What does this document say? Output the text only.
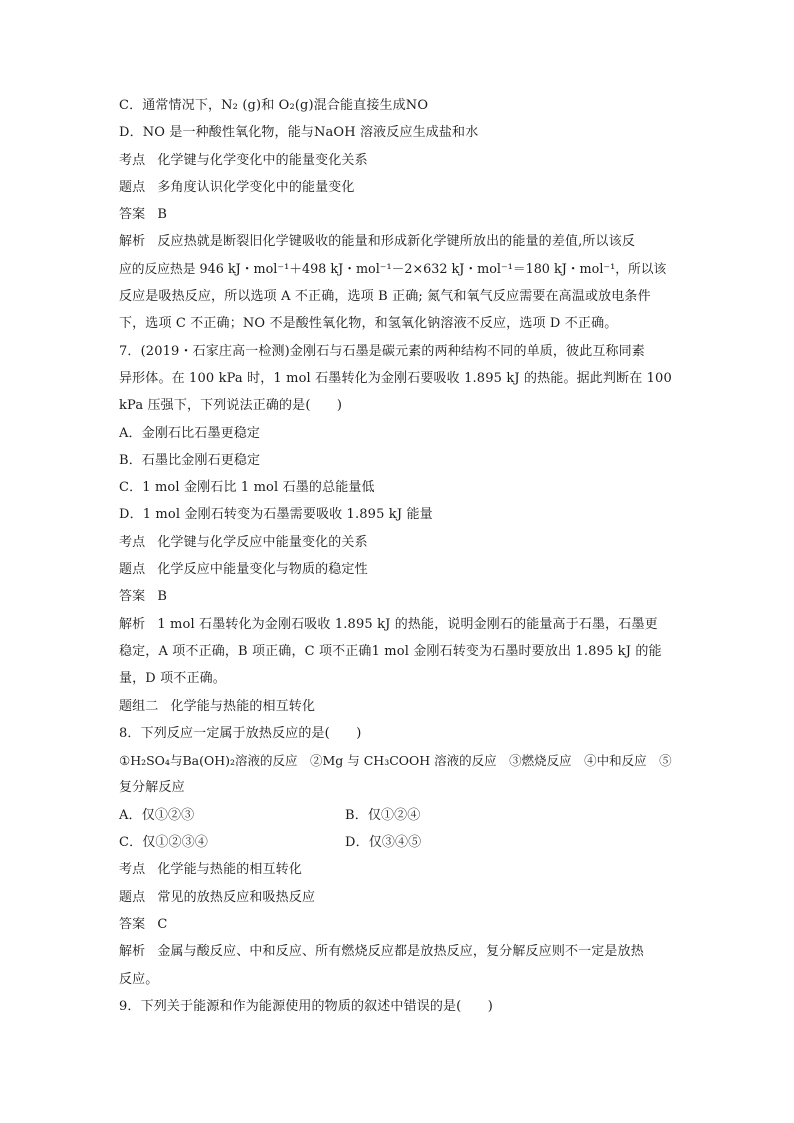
C．通常情况下，N₂ (g)和 O₂(g)混合能直接生成NO
D．NO 是一种酸性氧化物，能与NaOH 溶液反应生成盐和水
考点 化学键与化学变化中的能量变化关系
题点 多角度认识化学变化中的能量变化
答案 B
解析 反应热就是断裂旧化学键吸收的能量和形成新化学键所放出的能量的差值,所以该反
应的反应热是 946 kJ・mol⁻¹＋498 kJ・mol⁻¹－2×632 kJ・mol⁻¹＝180 kJ・mol⁻¹，所以该
反应是吸热反应，所以选项 A 不正确，选项 B 正确; 氮气和氧气反应需要在高温或放电条件
下，选项 C 不正确；NO 不是酸性氧化物，和氢氧化钠溶液不反应，选项 D 不正确。
7．(2019・石家庄高一检测)金刚石与石墨是碳元素的两种结构不同的单质，彼此互称同素
异形体。在 100 kPa 时，1 mol 石墨转化为金刚石要吸收 1.895 kJ 的热能。据此判断在 100
kPa 压强下，下列说法正确的是(　　)
A．金刚石比石墨更稳定
B．石墨比金刚石更稳定
C．1 mol 金刚石比 1 mol 石墨的总能量低
D．1 mol 金刚石转变为石墨需要吸收 1.895 kJ 能量
考点 化学键与化学反应中能量变化的关系
题点 化学反应中能量变化与物质的稳定性
答案 B
解析 1 mol 石墨转化为金刚石吸收 1.895 kJ 的热能，说明金刚石的能量高于石墨，石墨更
稳定，A 项不正确，B 项正确，C 项不正确1 mol 金刚石转变为石墨时要放出 1.895 kJ 的能
量，D 项不正确。
题组二 化学能与热能的相互转化
8．下列反应一定属于放热反应的是(　　)
①H₂SO₄与Ba(OH)₂溶液的反应　②Mg 与 CH₃COOH 溶液的反应　③燃烧反应　④中和反应　⑤
复分解反应
A．仅①②③	B．仅①②④
C．仅①②③④	D．仅③④⑤
考点 化学能与热能的相互转化
题点 常见的放热反应和吸热反应
答案 C
解析 金属与酸反应、中和反应、所有燃烧反应都是放热反应，复分解反应则不一定是放热
反应。
9．下列关于能源和作为能源使用的物质的叙述中错误的是(　　)
